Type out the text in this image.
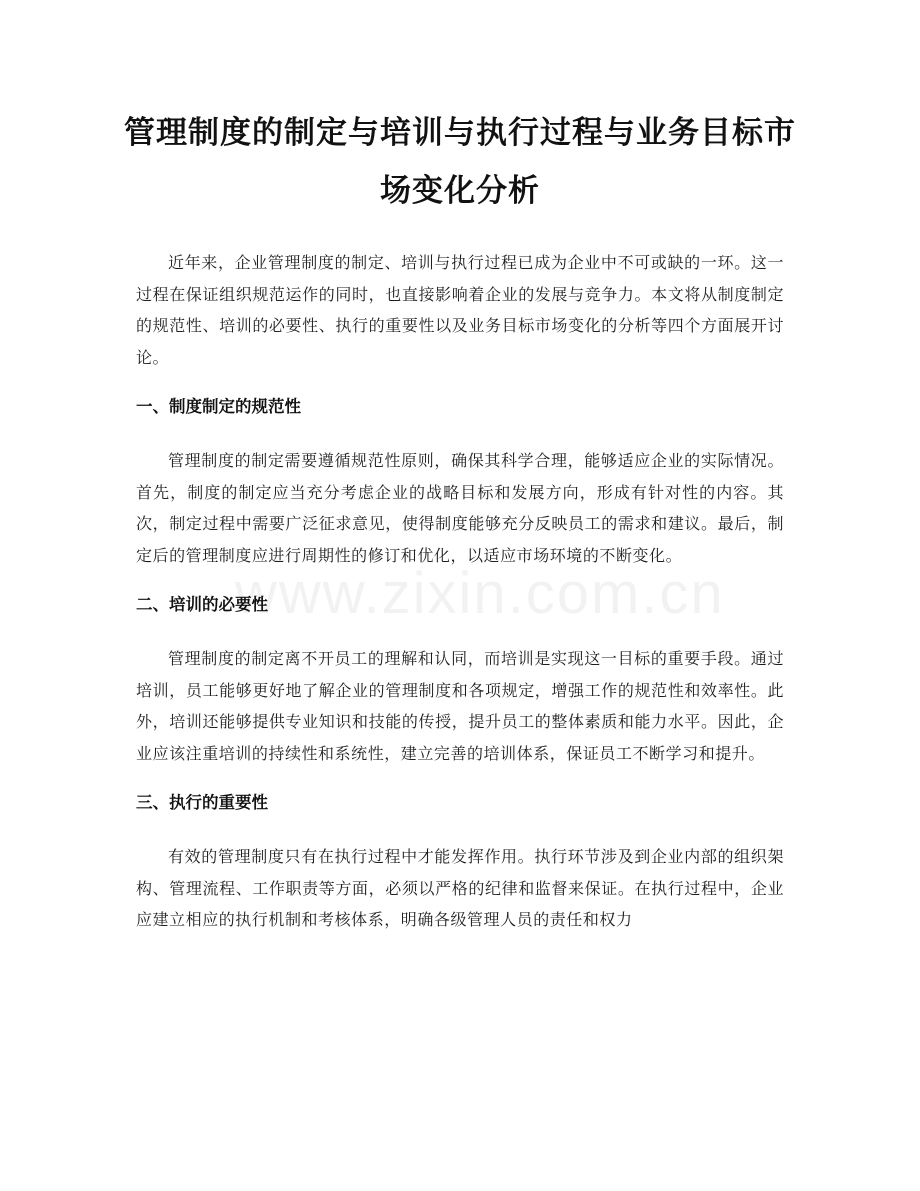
管理制度的制定与培训与执行过程与业务目标市场变化分析

近年来，企业管理制度的制定、培训与执行过程已成为企业中不可或缺的一环。这一过程在保证组织规范运作的同时，也直接影响着企业的发展与竞争力。本文将从制度制定的规范性、培训的必要性、执行的重要性以及业务目标市场变化的分析等四个方面展开讨论。

一、制度制定的规范性

管理制度的制定需要遵循规范性原则，确保其科学合理，能够适应企业的实际情况。首先，制度的制定应当充分考虑企业的战略目标和发展方向，形成有针对性的内容。其次，制定过程中需要广泛征求意见，使得制度能够充分反映员工的需求和建议。最后，制定后的管理制度应进行周期性的修订和优化，以适应市场环境的不断变化。

二、培训的必要性

管理制度的制定离不开员工的理解和认同，而培训是实现这一目标的重要手段。通过培训，员工能够更好地了解企业的管理制度和各项规定，增强工作的规范性和效率性。此外，培训还能够提供专业知识和技能的传授，提升员工的整体素质和能力水平。因此，企业应该注重培训的持续性和系统性，建立完善的培训体系，保证员工不断学习和提升。

三、执行的重要性

有效的管理制度只有在执行过程中才能发挥作用。执行环节涉及到企业内部的组织架构、管理流程、工作职责等方面，必须以严格的纪律和监督来保证。在执行过程中，企业应建立相应的执行机制和考核体系，明确各级管理人员的责任和权力

www.zixin.com.cn
